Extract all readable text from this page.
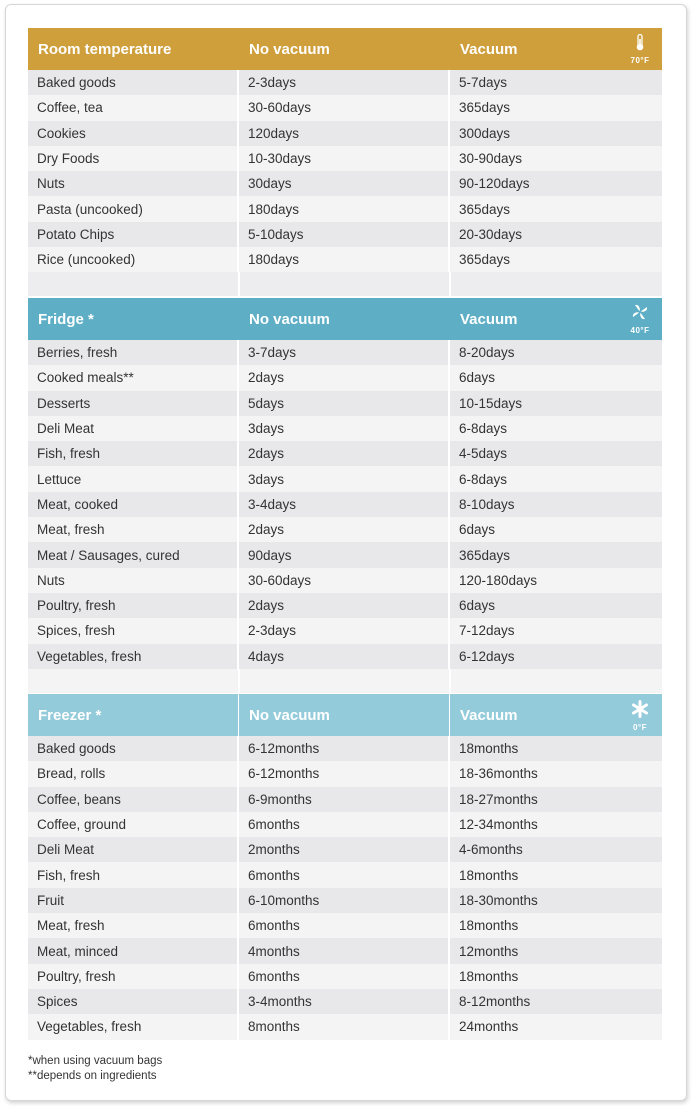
Room temperature	No vacuum	Vacuum
70°F
Baked goods	2-3days	5-7days
Coffee, tea	30-60days	365days
Cookies	120days	300days
Dry Foods	10-30days	30-90days
Nuts	30days	90-120days
Pasta (uncooked)	180days	365days
Potato Chips	5-10days	20-30days
Rice (uncooked)	180days	365days
Fridge *	No vacuum	Vacuum
40°F
Berries, fresh	3-7days	8-20days
Cooked meals**	2days	6days
Desserts	5days	10-15days
Deli Meat	3days	6-8days
Fish, fresh	2days	4-5days
Lettuce	3days	6-8days
Meat, cooked	3-4days	8-10days
Meat, fresh	2days	6days
Meat / Sausages, cured	90days	365days
Nuts	30-60days	120-180days
Poultry, fresh	2days	6days
Spices, fresh	2-3days	7-12days
Vegetables, fresh	4days	6-12days
Freezer *	No vacuum	Vacuum
0°F
Baked goods	6-12months	18months
Bread, rolls	6-12months	18-36months
Coffee, beans	6-9months	18-27months
Coffee, ground	6months	12-34months
Deli Meat	2months	4-6months
Fish, fresh	6months	18months
Fruit	6-10months	18-30months
Meat, fresh	6months	18months
Meat, minced	4months	12months
Poultry, fresh	6months	18months
Spices	3-4months	8-12months
Vegetables, fresh	8months	24months
*when using vacuum bags
**depends on ingredients
